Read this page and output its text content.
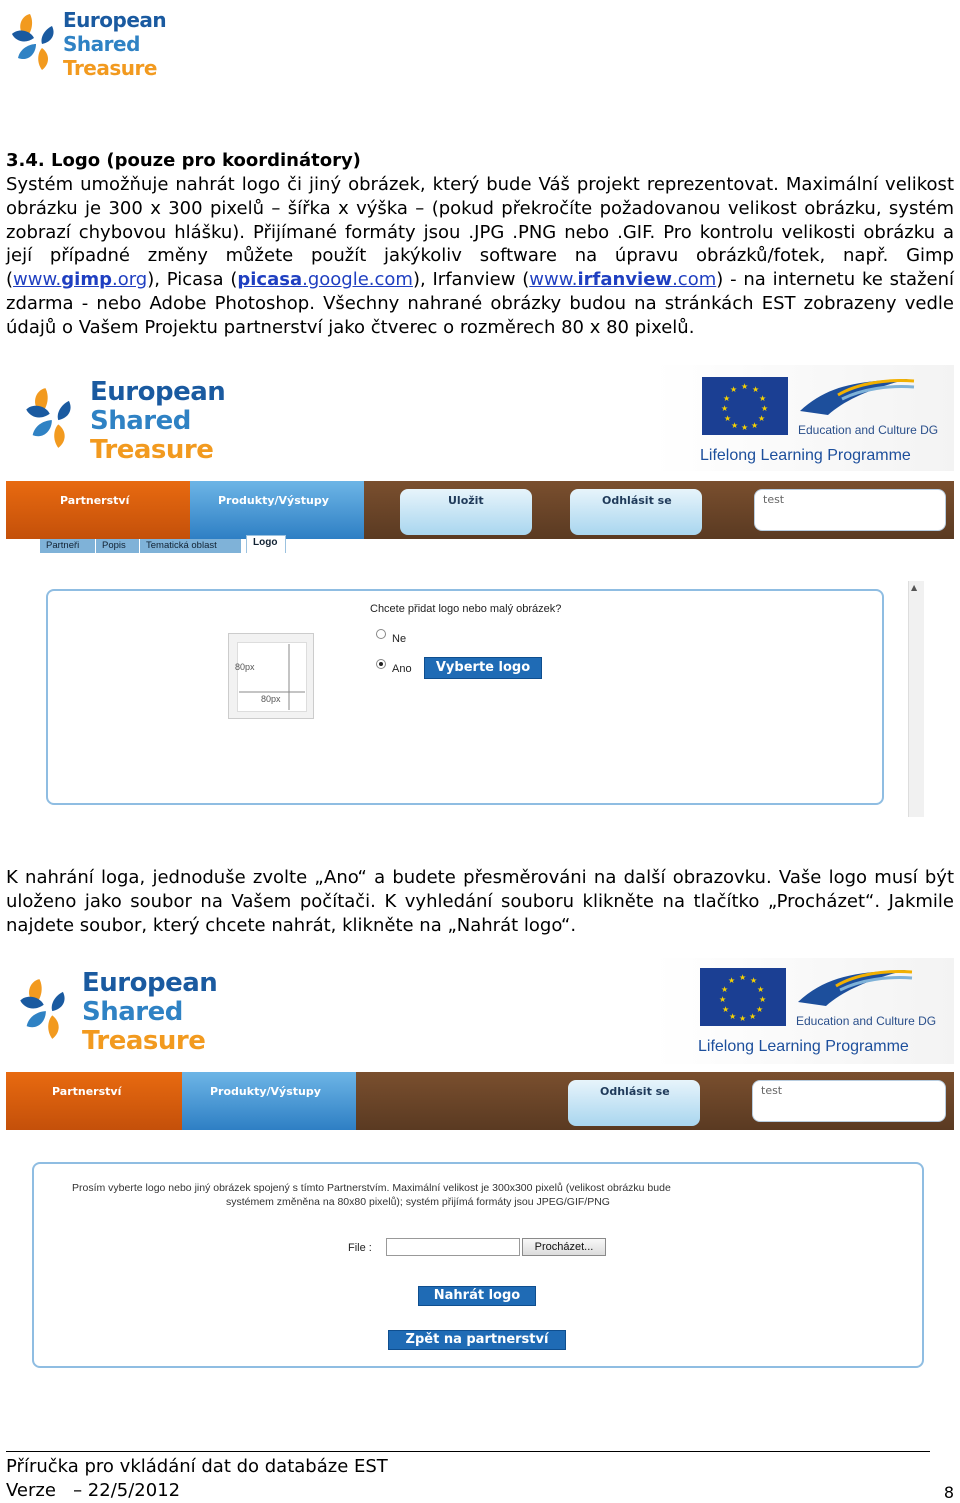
European
Shared
Treasure
3.4. Logo (pouze pro koordinátory)
Systém umožňuje nahrát logo či jiný obrázek, který bude Váš projekt reprezentovat. Maximální velikost obrázku je 300 x 300 pixelů – šířka x výška – (pokud překročíte požadovanou velikost obrázku, systém zobrazí chybovou hlášku). Přijímané formáty jsou .JPG .PNG nebo .GIF. Pro kontrolu velikosti obrázku a její případné změny můžete použít jakýkoliv software na úpravu obrázků/fotek, např. Gimp (www.gimp.org), Picasa (picasa.google.com), Irfanview (www.irfanview.com) - na internetu ke stažení zdarma - nebo Adobe Photoshop. Všechny nahrané obrázky budou na stránkách EST zobrazeny vedle údajů o Vašem Projektu partnerství jako čtverec o rozměrech 80 x 80 pixelů.
European
Shared
Treasure
★ ★
★
★
★
★
★
★
★
★
★
★
Education and Culture DG
Lifelong Learning Programme
Partnerství	Produkty/Výstupy	Uložit	Odhlásit se	test
Partneři	Popis	Tematická oblast	Logo
80px
80px
Chcete přidat logo nebo malý obrázek?
Ne
Ano	Vyberte logo
▲
K nahrání loga, jednoduše zvolte „Ano“ a budete přesměrováni na další obrazovku. Vaše logo musí být uloženo jako soubor na Vašem počítači. K vyhledání souboru klikněte na tlačítko „Procházet“. Jakmile najdete soubor, který chcete nahrát, klikněte na „Nahrát logo“.
European
Shared
Treasure
★ ★
★
★
★
★
★
★
★
★
★
★
Education and Culture DG
Lifelong Learning Programme
Partnerství	Produkty/Výstupy	Odhlásit se	test
Prosím vyberte logo nebo jiný obrázek spojený s tímto Partnerstvím. Maximální velikost je 300x300 pixelů (velikost obrázku bude
systémem změněna na 80x80 pixelů); systém přijímá formáty jsou JPEG/GIF/PNG
File :	Procházet...
Nahrát logo
Zpět na partnerství
Příručka pro vkládání dat do databáze EST
Verze   – 22/5/2012	8
